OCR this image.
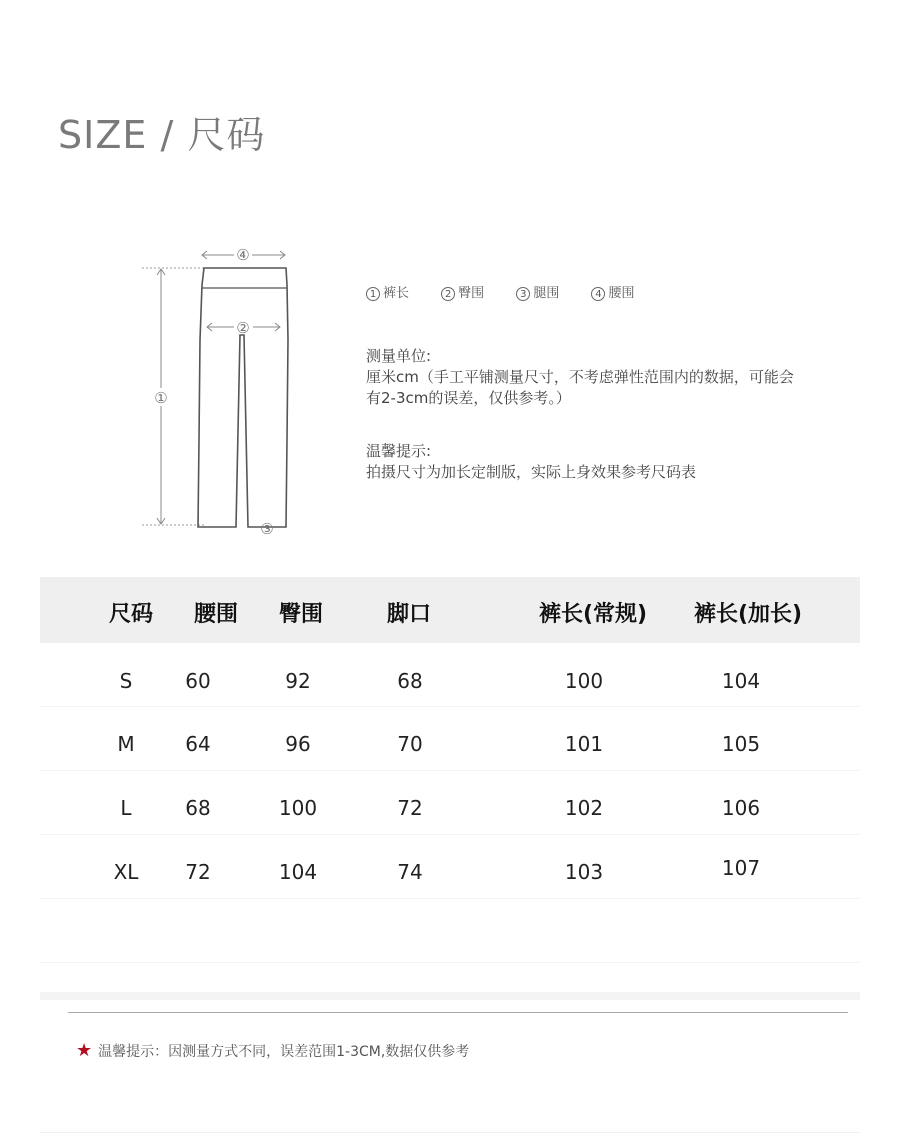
SIZE / 尺码
④
①
②
③
1 裤长	2 臀围	3 腿围	4 腰围
测量单位:
厘米cm（手工平铺测量尺寸，不考虑弹性范围内的数据，可能会有2-3cm的误差，仅供参考。）
温馨提示:
拍摄尺寸为加长定制版，实际上身效果参考尺码表
尺码 腰围 臀围	脚口	裤长(常规) 裤长(加长)
S	60	92	68	100	104
M	64	96	70	101	105
L	68	100	72	102	106
XL 72	104	74	103	107
★ 温馨提示：因测量方式不同，误差范围1-3CM,数据仅供参考
